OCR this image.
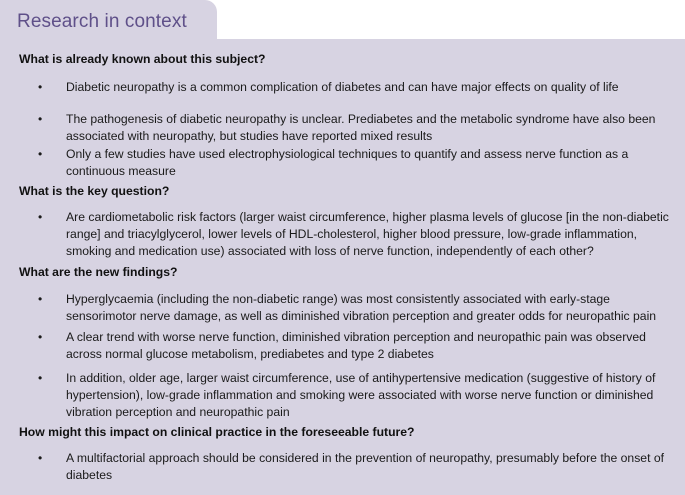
Research in context
What is already known about this subject?
• Diabetic neuropathy is a common complication of diabetes and can have major effects on quality of life
• The pathogenesis of diabetic neuropathy is unclear. Prediabetes and the metabolic syndrome have also been associated with neuropathy, but studies have reported mixed results
• Only a few studies have used electrophysiological techniques to quantify and assess nerve function as a continuous measure
What is the key question?
• Are cardiometabolic risk factors (larger waist circumference, higher plasma levels of glucose [in the non-diabetic range] and triacylglycerol, lower levels of HDL-cholesterol, higher blood pressure, low-grade inflammation, smoking and medication use) associated with loss of nerve function, independently of each other?
What are the new findings?
• Hyperglycaemia (including the non-diabetic range) was most consistently associated with early-stage sensorimotor nerve damage, as well as diminished vibration perception and greater odds for neuropathic pain
• A clear trend with worse nerve function, diminished vibration perception and neuropathic pain was observed across normal glucose metabolism, prediabetes and type 2 diabetes
• In addition, older age, larger waist circumference, use of antihypertensive medication (suggestive of history of hypertension), low-grade inflammation and smoking were associated with worse nerve function or diminished vibration perception and neuropathic pain
How might this impact on clinical practice in the foreseeable future?
• A multifactorial approach should be considered in the prevention of neuropathy, presumably before the onset of diabetes
